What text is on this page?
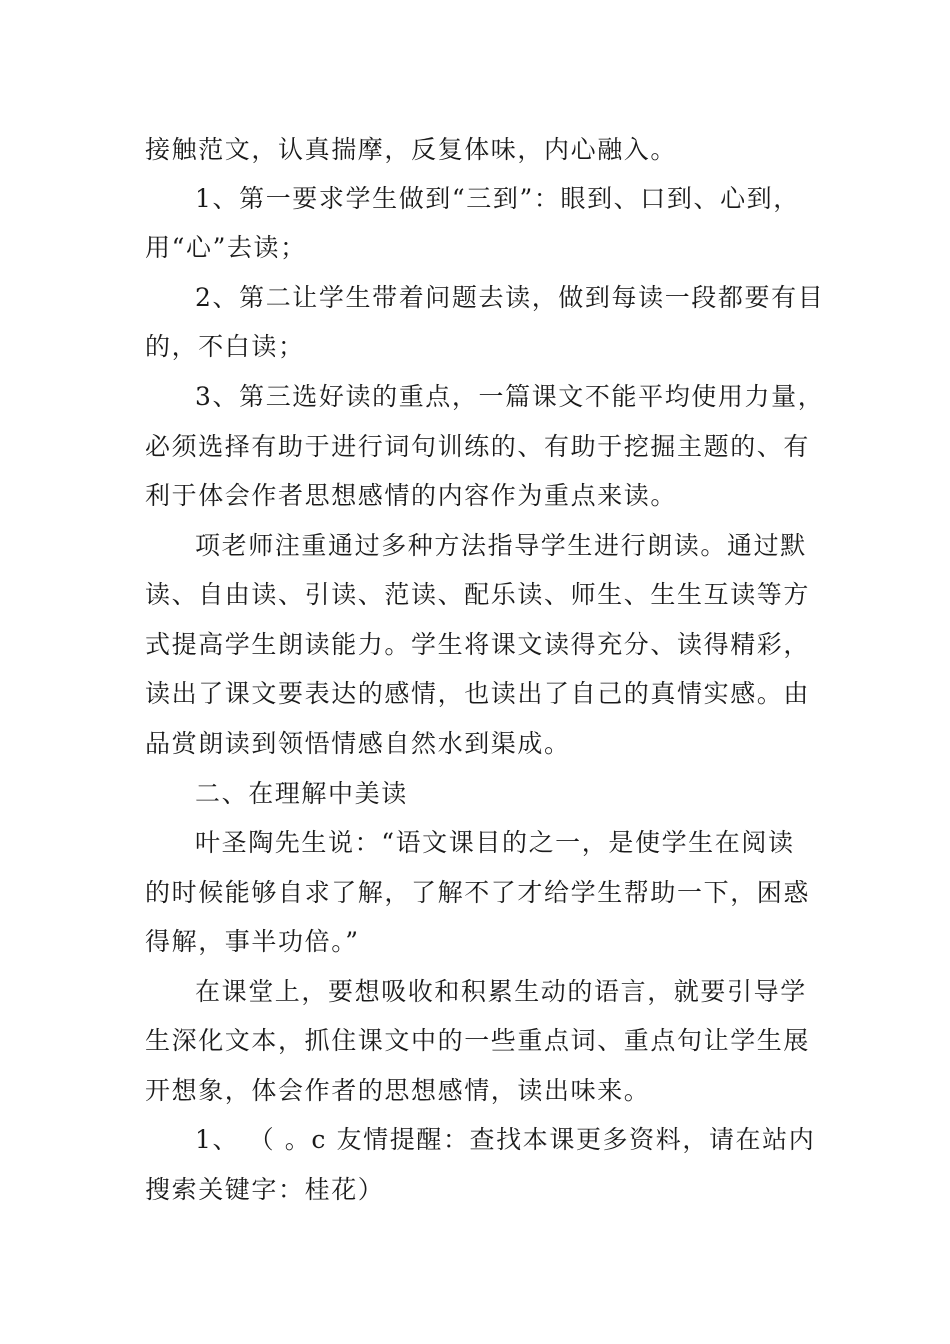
接触范文，认真揣摩，反复体味，内心融入。
1、第一要求学生做到“三到”：眼到、口到、心到，
用“心”去读；
2、第二让学生带着问题去读，做到每读一段都要有目
的，不白读；
3、第三选好读的重点，一篇课文不能平均使用力量，
必须选择有助于进行词句训练的、有助于挖掘主题的、有
利于体会作者思想感情的内容作为重点来读。
项老师注重通过多种方法指导学生进行朗读。通过默
读、自由读、引读、范读、配乐读、师生、生生互读等方
式提高学生朗读能力。学生将课文读得充分、读得精彩，
读出了课文要表达的感情，也读出了自己的真情实感。由
品赏朗读到领悟情感自然水到渠成。
二、在理解中美读
叶圣陶先生说：“语文课目的之一，是使学生在阅读
的时候能够自求了解，了解不了才给学生帮助一下，困惑
得解，事半功倍。”
在课堂上，要想吸收和积累生动的语言，就要引导学
生深化文本，抓住课文中的一些重点词、重点句让学生展
开想象，体会作者的思想感情，读出味来。
1、 （ 。c 友情提醒：查找本课更多资料，请在站内
搜索关键字：桂花）
